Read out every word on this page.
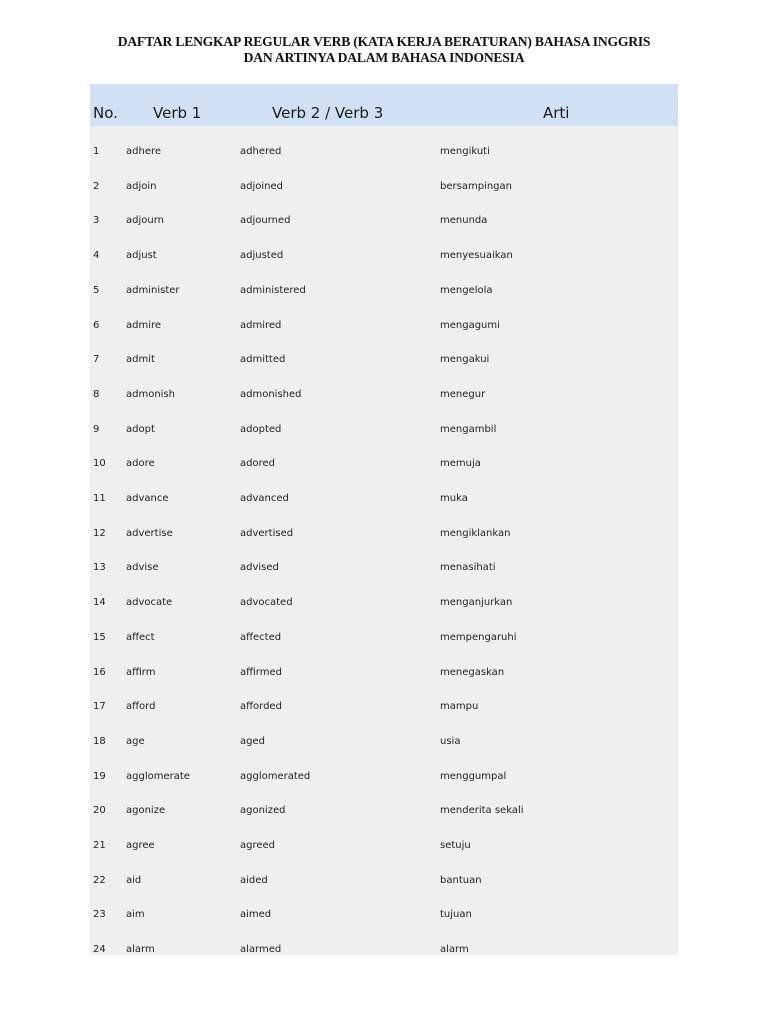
DAFTAR LENGKAP REGULAR VERB (KATA KERJA BERATURAN) BAHASA INGGRIS
DAN ARTINYA DALAM BAHASA INDONESIA
No. Verb 1	Verb 2 / Verb 3	Arti
1	adhere	adhered	mengikuti
2	adjoin	adjoined	bersampingan
3	adjourn	adjourned	menunda
4	adjust	adjusted	menyesuaikan
5	administer	administered	mengelola
6	admire	admired	mengagumi
7	admit	admitted	mengakui
8	admonish	admonished	menegur
9	adopt	adopted	mengambil
10 adore	adored	memuja
11 advance	advanced	muka
12 advertise	advertised	mengiklankan
13 advise	advised	menasihati
14 advocate	advocated	menganjurkan
15 affect	affected	mempengaruhi
16 affirm	affirmed	menegaskan
17 afford	afforded	mampu
18 age	aged	usia
19 agglomerate	agglomerated	menggumpal
20 agonize	agonized	menderita sekali
21 agree	agreed	setuju
22 aid	aided	bantuan
23 aim	aimed	tujuan
24 alarm	alarmed	alarm
